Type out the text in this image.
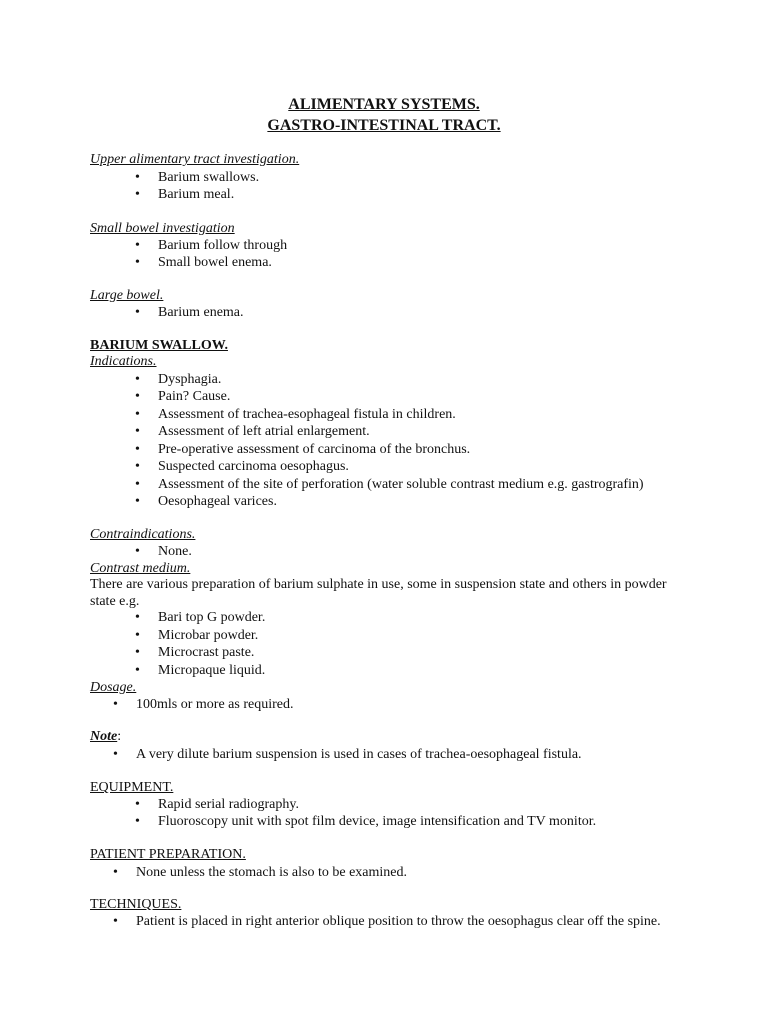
ALIMENTARY SYSTEMS.
GASTRO-INTESTINAL TRACT.
Upper alimentary tract investigation.
• Barium swallows.
• Barium meal.
Small bowel investigation
• Barium follow through
• Small bowel enema.
Large bowel.
• Barium enema.
BARIUM SWALLOW.
Indications.
• Dysphagia.
• Pain? Cause.
• Assessment of trachea-esophageal fistula in children.
• Assessment of left atrial enlargement.
• Pre-operative assessment of carcinoma of the bronchus.
• Suspected carcinoma oesophagus.
• Assessment of the site of perforation (water soluble contrast medium e.g. gastrografin)
• Oesophageal varices.
Contraindications.
• None.
Contrast medium.
There are various preparation of barium sulphate in use, some in suspension state and others in powder state e.g.
• Bari top G powder.
• Microbar powder.
• Microcrast paste.
• Micropaque liquid.
Dosage.
• 100mls or more as required.
Note:
• A very dilute barium suspension is used in cases of trachea-oesophageal fistula.
EQUIPMENT.
• Rapid serial radiography.
• Fluoroscopy unit with spot film device, image intensification and TV monitor.
PATIENT PREPARATION.
• None unless the stomach is also to be examined.
TECHNIQUES.
• Patient is placed in right anterior oblique position to throw the oesophagus clear off the spine.
